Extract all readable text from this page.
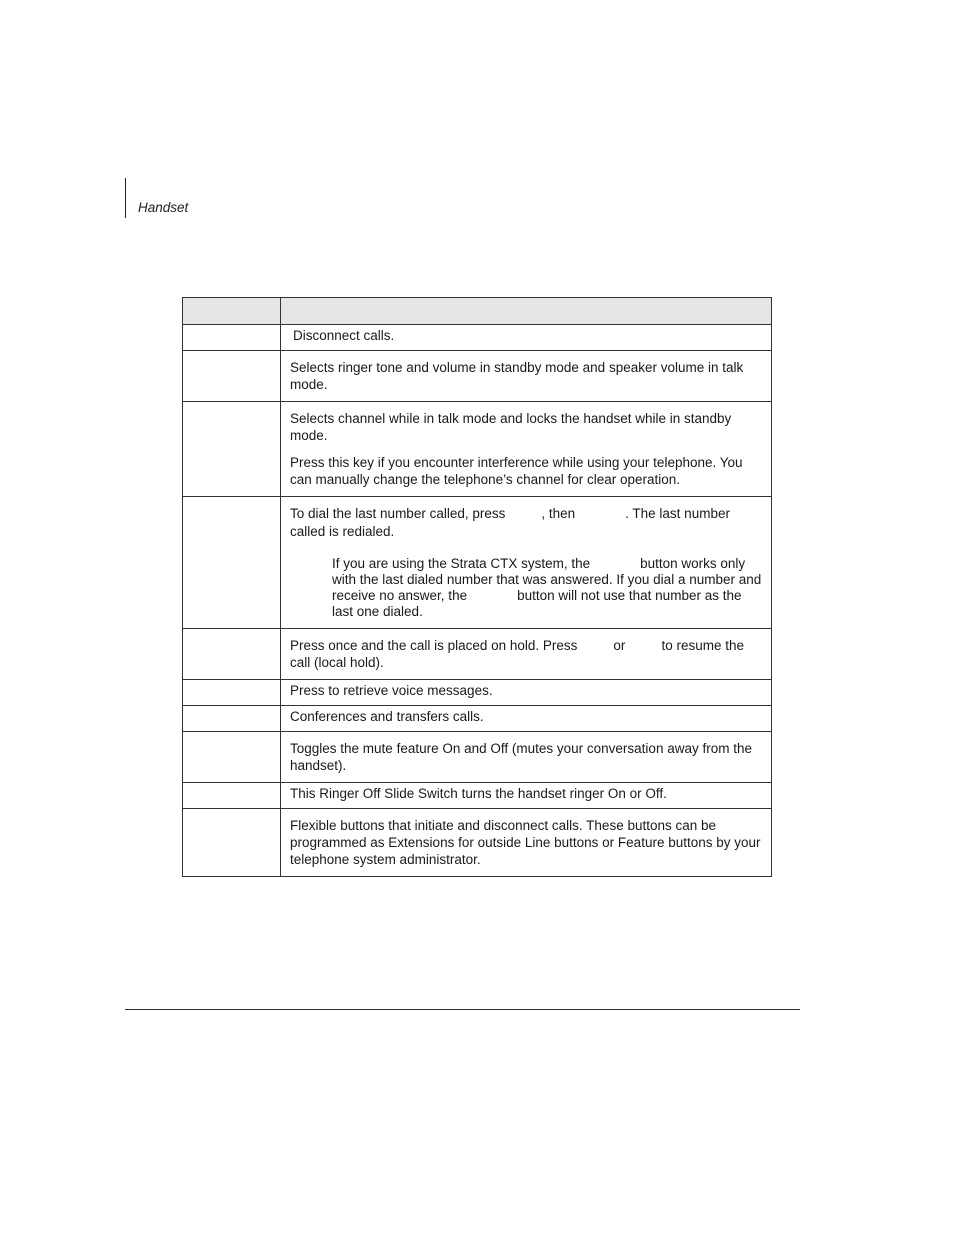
Handset

	Disconnect calls.

	Selects ringer tone and volume in standby mode and speaker volume in talk mode.

	Selects channel while in talk mode and locks the handset while in standby mode.

Press this key if you encounter interference while using your telephone. You can manually change the telephone’s channel for clear operation.

	To dial the last number called, press , then . The last number called is redialed.

If you are using the Strata CTX system, the button works only with the last dialed number that was answered. If you dial a number and receive no answer, the button will not use that number as the last one dialed.

	Press once and the call is placed on hold. Press or to resume the call (local hold).

	Press to retrieve voice messages.

	Conferences and transfers calls.

	Toggles the mute feature On and Off (mutes your conversation away from the handset).

	This Ringer Off Slide Switch turns the handset ringer On or Off.

	Flexible buttons that initiate and disconnect calls. These buttons can be programmed as Extensions for outside Line buttons or Feature buttons by your telephone system administrator.
